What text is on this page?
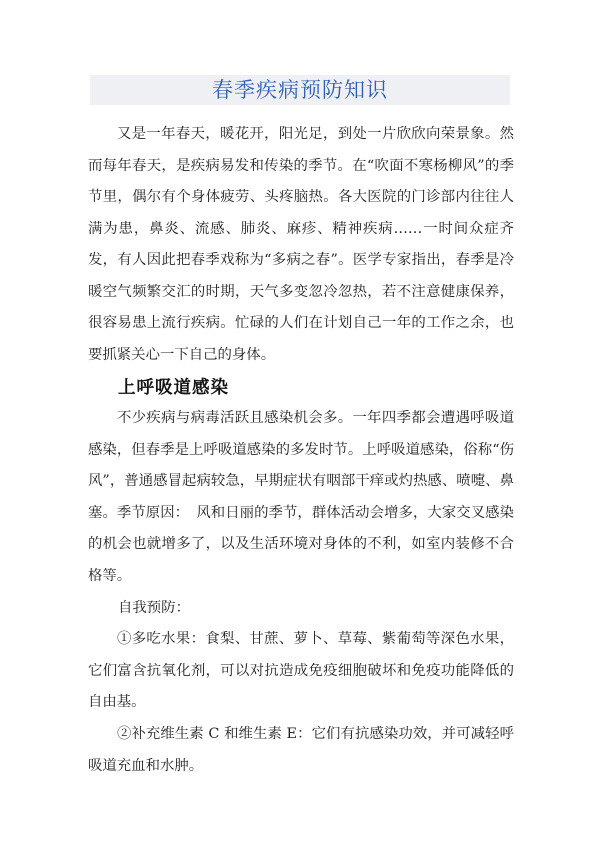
春季疾病预防知识

又是一年春天，暖花开，阳光足，到处一片欣欣向荣景象。然而每年春天，是疾病易发和传染的季节。在“吹面不寒杨柳风”的季节里，偶尔有个身体疲劳、头疼脑热。各大医院的门诊部内往往人满为患，鼻炎、流感、肺炎、麻疹、精神疾病……一时间众症齐发，有人因此把春季戏称为“多病之春”。医学专家指出，春季是冷暖空气频繁交汇的时期，天气多变忽冷忽热，若不注意健康保养，很容易患上流行疾病。忙碌的人们在计划自己一年的工作之余，也要抓紧关心一下自己的身体。

上呼吸道感染

不少疾病与病毒活跃且感染机会多。一年四季都会遭遇呼吸道感染，但春季是上呼吸道感染的多发时节。上呼吸道感染，俗称“伤风”，普通感冒起病较急，早期症状有咽部干痒或灼热感、喷嚏、鼻塞。季节原因：　风和日丽的季节，群体活动会增多，大家交叉感染的机会也就增多了，以及生活环境对身体的不利，如室内装修不合格等。

自我预防：

①多吃水果：食梨、甘蔗、萝卜、草莓、紫葡萄等深色水果，它们富含抗氧化剂，可以对抗造成免疫细胞破坏和免疫功能降低的自由基。

②补充维生素 C 和维生素 E：它们有抗感染功效，并可减轻呼吸道充血和水肿。
